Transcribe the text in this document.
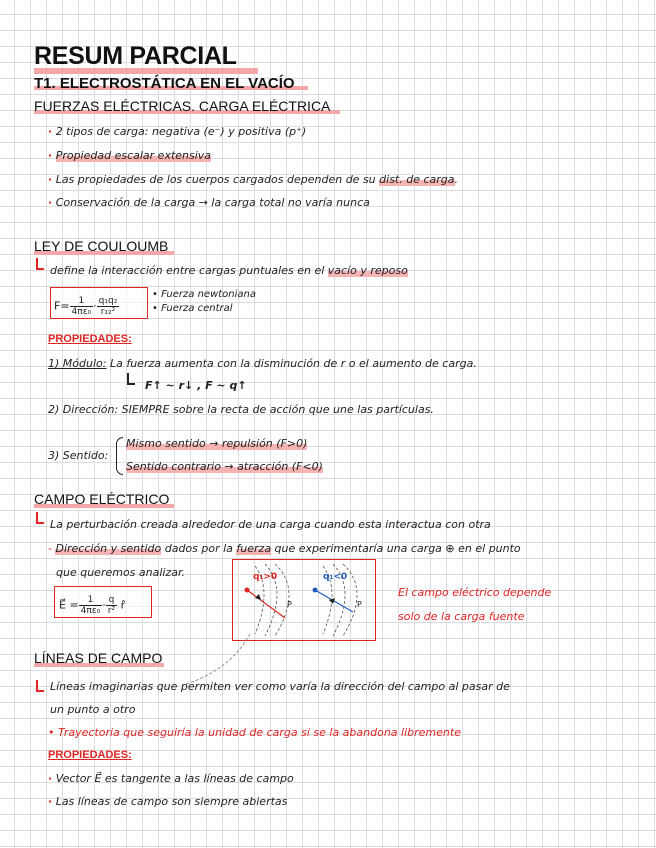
RESUM PARCIAL
T1. ELECTROSTÁTICA EN EL VACÍO
FUERZAS ELÉCTRICAS. CARGA ELÉCTRICA
· 2 tipos de carga: negativa (e⁻) y positiva (p⁺)
· Propiedad escalar extensiva
· Las propiedades de los cuerpos cargados dependen de su dist. de carga.
· Conservación de la carga → la carga total no varía nunca
LEY DE COULOUMB
define la interacción entre cargas puntuales en el vacío y reposo
$F= \frac{1}{\text{4πε₀}} \cdot \frac{\text{q₁q₂}}{\text{r₁₂²}}$
• Fuerza newtoniana
• Fuerza central
PROPIEDADES:
1) Módulo: La fuerza aumenta con la disminución de r o el aumento de carga.
F↑ ~ r↓ , F ~ q↑
2) Dirección: SIEMPRE sobre la recta de acción que une las partículas.
3) Sentido:
Mismo sentido → repulsión (F>0)
Sentido contrario → atracción (F<0)
CAMPO ELÉCTRICO
La perturbación creada alrededor de una carga cuando esta interactua con otra
- Dirección y sentido dados por la fuerza que experimentaría una carga ⊕ en el punto
que queremos analizar.
E⃗ = $\frac{1}{\text{4πε₀}} \cdot \frac{q}{\text{r²}}$ r̂
q₁>0	q₁<0
P	P
El campo eléctrico depende
solo de la carga fuente
LÍNEAS DE CAMPO
Líneas imaginarias que permiten ver como varía la dirección del campo al pasar de
un punto a otro
• Trayectoria que seguiría la unidad de carga si se la abandona libremente
PROPIEDADES:
· Vector E⃗ es tangente a las líneas de campo
· Las líneas de campo son siempre abiertas
